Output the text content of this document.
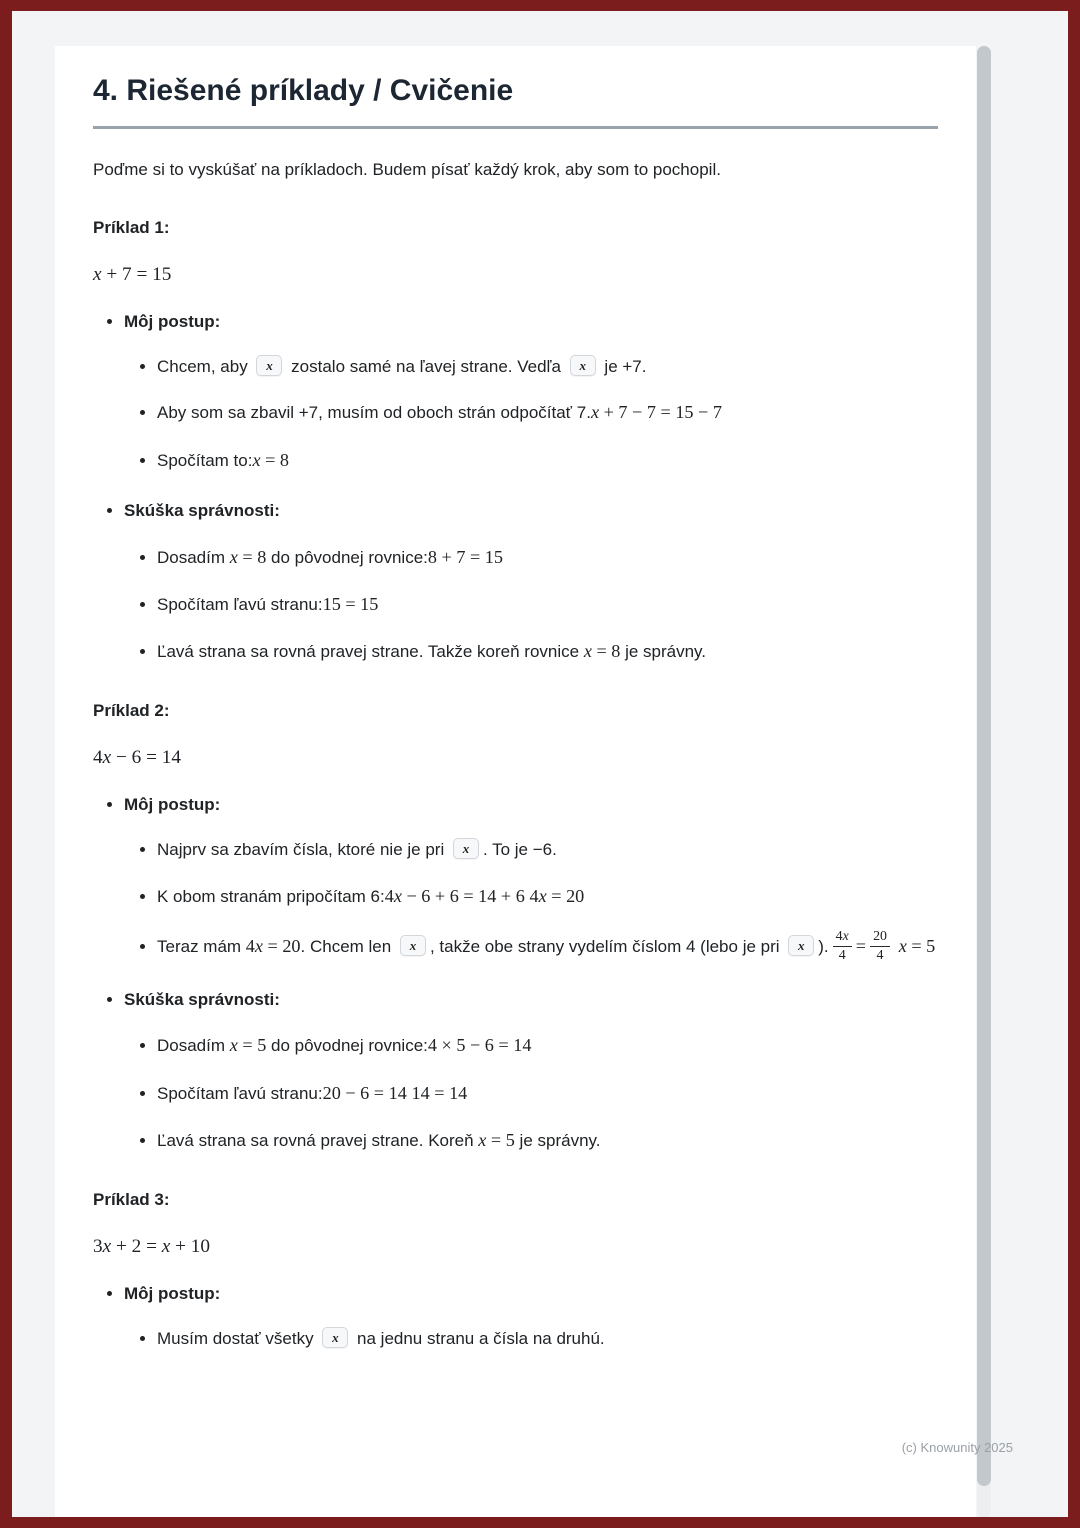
4. Riešené príklady / Cvičenie

Poďme si to vyskúšať na príkladoch. Budem písať každý krok, aby som to pochopil.

Príklad 1:

x + 7 = 15
• Môj postup:
• Chcem, aby x zostalo samé na ľavej strane. Vedľa x je +7.
• Aby som sa zbavil +7, musím od oboch strán odpočítať 7.x + 7 − 7 = 15 − 7
• Spočítam to:x = 8
• Skúška správnosti:
• Dosadím x = 8 do pôvodnej rovnice:8 + 7 = 15
• Spočítam ľavú stranu:15 = 15
• Ľavá strana sa rovná pravej strane. Takže koreň rovnice x = 8 je správny.

Príklad 2:

4x − 6 = 14
• Môj postup:
• Najprv sa zbavím čísla, ktoré nie je pri x . To je −6.
• K obom stranám pripočítam 6:4x − 6 + 6 = 14 + 6 4x = 20
• Teraz mám 4x = 20. Chcem len x , takže obe strany vydelím číslom 4 (lebo je pri x ). $\frac{4x}{4} = \frac{20}{4}$ x = 5
• Skúška správnosti:
• Dosadím x = 5 do pôvodnej rovnice:4 × 5 − 6 = 14
• Spočítam ľavú stranu:20 − 6 = 14 14 = 14
• Ľavá strana sa rovná pravej strane. Koreň x = 5 je správny.

Príklad 3:

3x + 2 = x + 10
• Môj postup:
• Musím dostať všetky x na jednu stranu a čísla na druhú.
(c) Knowunity 2025
